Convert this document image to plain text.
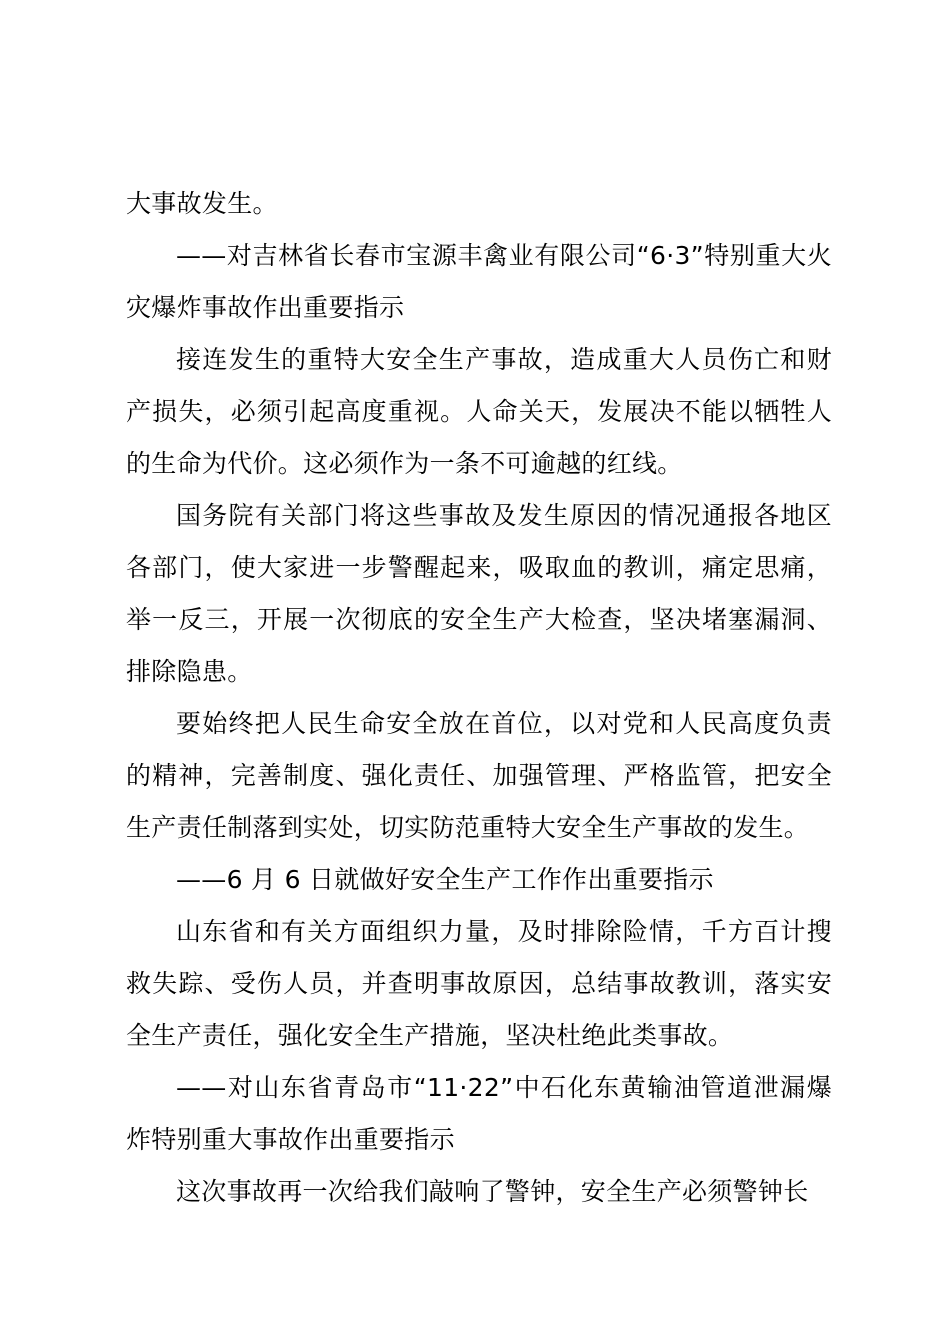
大事故发生。

——对吉林省长春市宝源丰禽业有限公司“6·3”特别重大火灾爆炸事故作出重要指示

接连发生的重特大安全生产事故，造成重大人员伤亡和财产损失，必须引起高度重视。人命关天，发展决不能以牺牲人的生命为代价。这必须作为一条不可逾越的红线。

国务院有关部门将这些事故及发生原因的情况通报各地区各部门，使大家进一步警醒起来，吸取血的教训，痛定思痛，举一反三，开展一次彻底的安全生产大检查，坚决堵塞漏洞、排除隐患。

要始终把人民生命安全放在首位，以对党和人民高度负责的精神，完善制度、强化责任、加强管理、严格监管，把安全生产责任制落到实处，切实防范重特大安全生产事故的发生。

——6 月 6 日就做好安全生产工作作出重要指示

山东省和有关方面组织力量，及时排除险情，千方百计搜救失踪、受伤人员，并查明事故原因，总结事故教训，落实安全生产责任，强化安全生产措施，坚决杜绝此类事故。

——对山东省青岛市“11·22”中石化东黄输油管道泄漏爆炸特别重大事故作出重要指示

这次事故再一次给我们敲响了警钟，安全生产必须警钟长
